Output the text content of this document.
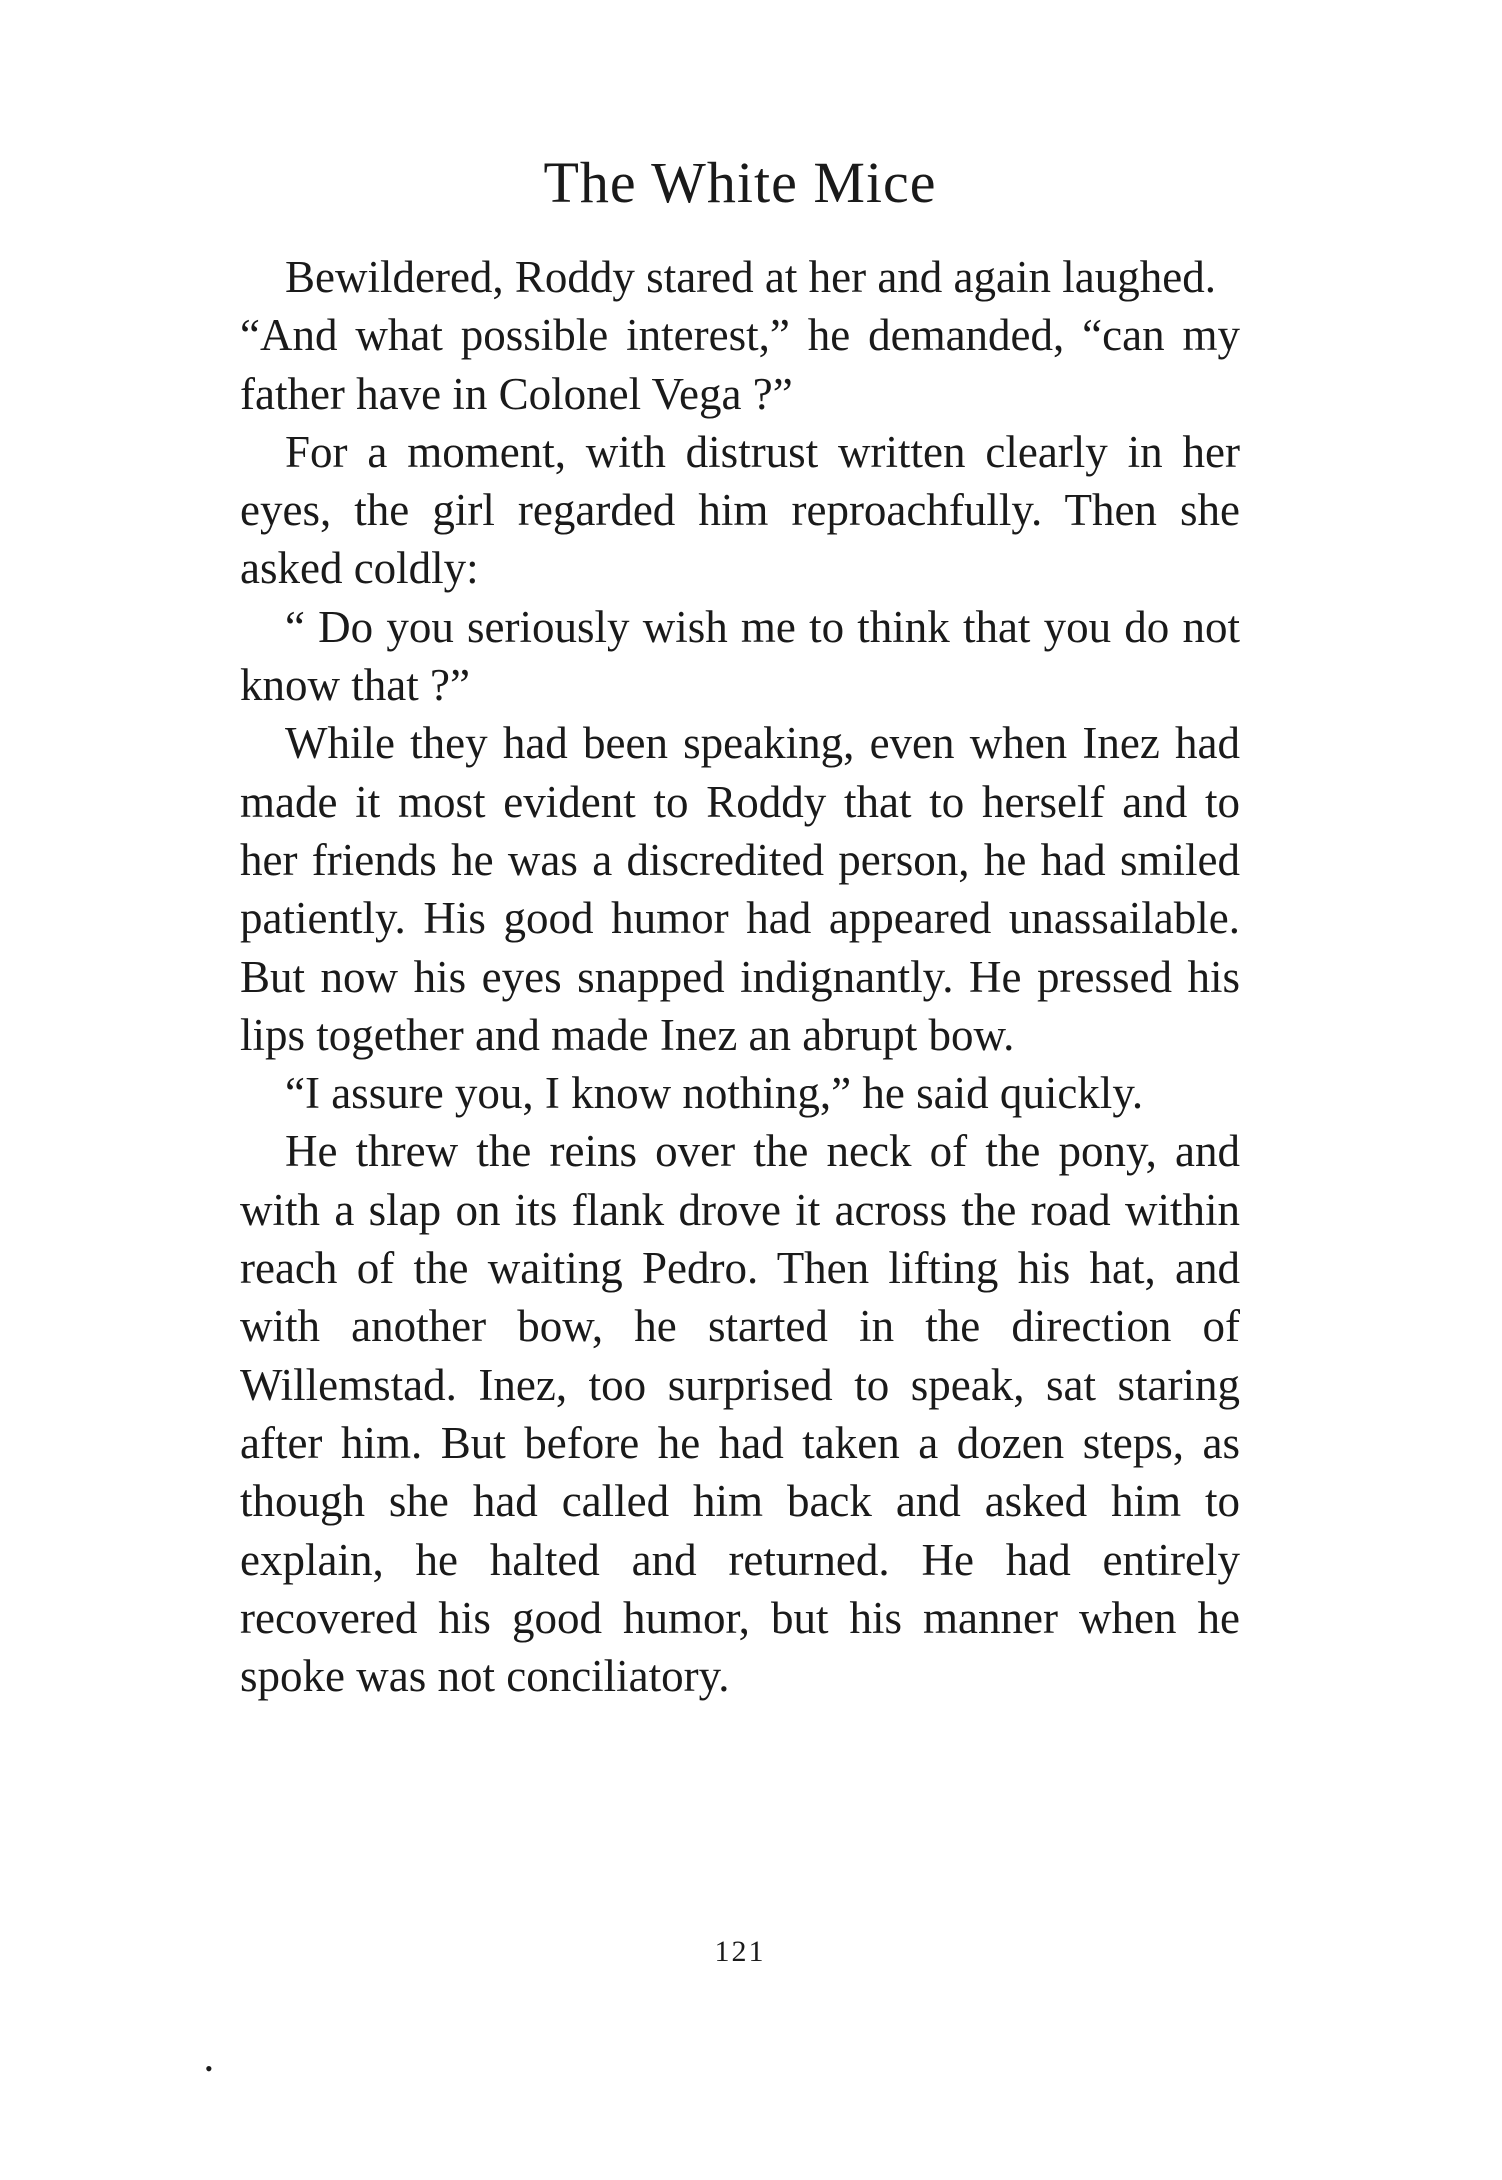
The White Mice

Bewildered, Roddy stared at her and again laughed.

“And what possible interest,” he demanded, “can my father have in Colonel Vega ?”

For a moment, with distrust written clearly in her eyes, the girl regarded him reproachfully. Then she asked coldly:

“ Do you seriously wish me to think that you do not know that ?”

While they had been speaking, even when Inez had made it most evident to Roddy that to herself and to her friends he was a discredited person, he had smiled patiently. His good humor had appeared unassailable. But now his eyes snapped indignantly. He pressed his lips together and made Inez an abrupt bow.

“I assure you, I know nothing,” he said quickly.

He threw the reins over the neck of the pony, and with a slap on its flank drove it across the road within reach of the waiting Pedro. Then lifting his hat, and with another bow, he started in the direction of Willemstad. Inez, too surprised to speak, sat staring after him. But before he had taken a dozen steps, as though she had called him back and asked him to explain, he halted and returned. He had entirely recovered his good humor, but his manner when he spoke was not conciliatory.

121
•
